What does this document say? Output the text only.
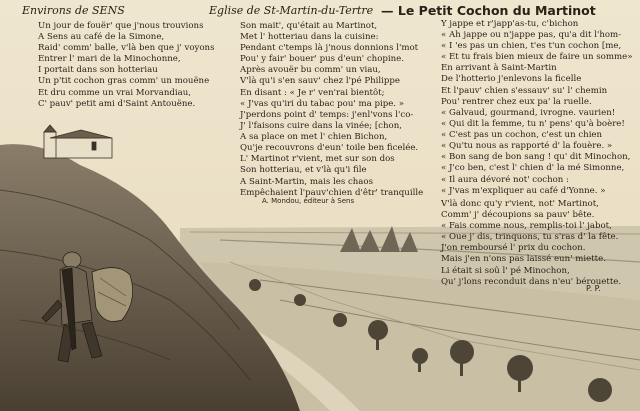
Environs de SENS	Eglise de St-Martin-du-Tertre — Le Petit Cochon du Martinot
Un jour de fouër' que j'nous trouvions
A Sens au café de la Simone,
Raid' comm' balle, v'là ben que j' voyons
Entrer l' mari de la Minochonne,
I portait dans son hotteriau
Un p'tit cochon gras comm' un mouëne
Et dru comme un vrai Morvandiau,
C' pauv' petit ami d'Saint Antouëne.
Son mait', qu'était au Martinot,
Met l' hotteriau dans la cuisine:
Pendant c'temps là j'nous donnions l'mot
Pou' y fair' bouer' pus d'eun' chopine.
Après avouër bu comm' un viau,
V'là qu'i s'en sauv' chez l'pé Philippe
En disant : « Je r' ven'rai bientôt;
« J'vas qu'iri du tabac pou' ma pipe. »
J'perdons point d' temps: j'enl'vons l'co-
J' l'faisons cuire dans la vinée; [chon,
A sa place on met l' chien Bichon,
Qu'je recouvrons d'eun' toile ben ficelée.
L' Martinot r'vient, met sur son dos
Son hotteriau, et v'là qu'i file
A Saint-Martin, mais les chaos
Empêchaient l'pauv'chien d'êtr' tranquille
A. Mondou, éditeur à Sens
Y jappe et r'japp'as-tu, c'bichon
« Ah jappe ou n'jappe pas, qu'a dit l'hom-
« I 'es pas un chien, t'es t'un cochon [me,
« Et tu frais bien mieux de faire un somme»
En arrivant à Saint-Martin
De l'hotterio j'enlevons la ficelle
Et l'pauv' chien s'essauv' su' l' chemin
Pou' rentrer chez eux pa' la ruelle.
« Galvaud, gourmand, ivrogne. vaurien!
« Qui dit la femme, tu n' pens' qu'à boère!
« C'est pas un cochon, c'est un chien
« Qu'tu nous as rapporté d' la fouère. »
« Bon sang de bon sang ! qu' dit Minochon,
« J'co ben, c'est l' chien d' la mé Simonne,
« Il aura dévoré not' cochon :
« J'vas m'expliquer au café d'Yonne. »
V'là donc qu'y r'vient, not' Martinot,
Comm' j' découpions sa pauv' bête.
« Fais comme nous, remplis-toi l' jabot,
« Oue j' dis, trinquons, tu s'ras d' la fête.
J'on remboursé l' prix du cochon.
Mais j'en n'ons pas laissé eun' miette.
Li était si soû l' pé Minochon,
Qu' j'lons reconduit dans n'eu' bérouette.
P. P.
